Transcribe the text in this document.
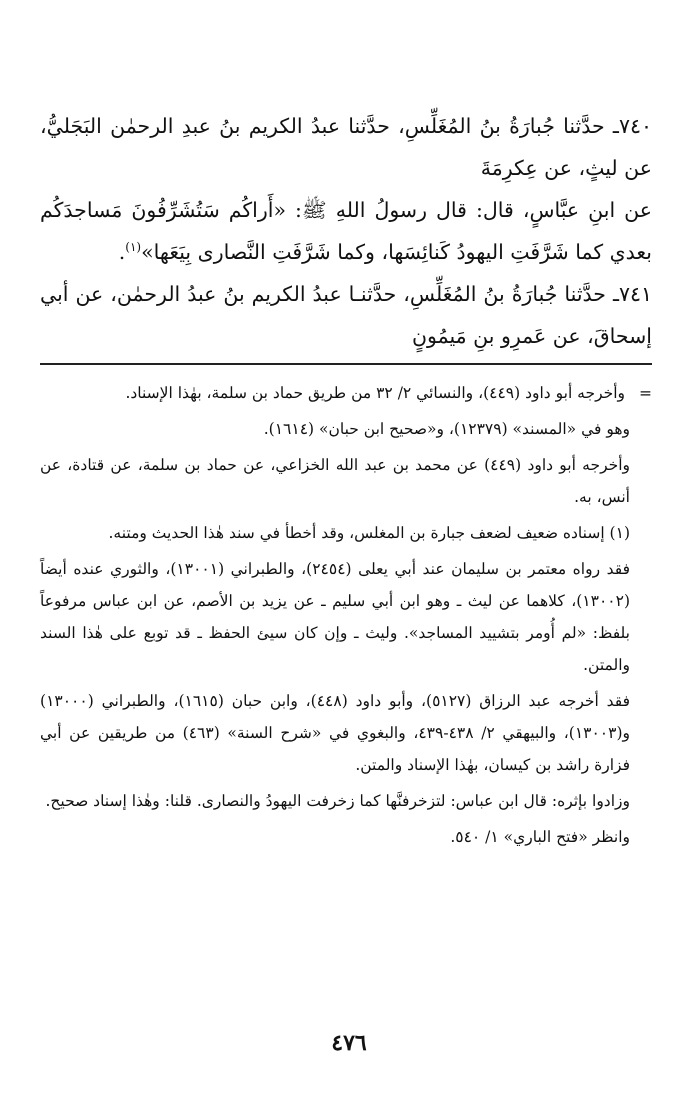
٧٤٠ـ حدَّثنا جُبارَةُ بنُ المُغَلِّسِ، حدَّثنا عبدُ الكريم بنُ عبدِ الرحمٰن البَجَليُّ، عن ليثٍ، عن عِكرِمَةَ

عن ابنِ عبَّاسٍ، قال: قال رسولُ اللهِ ﷺ: «أَراكُم سَتُشَرِّفُونَ مَساجدَكُم بعدي كما شَرَّفَتِ اليهودُ كَنائِسَها، وكما شَرَّفَتِ النَّصارى بِيَعَها»$^{(١)}$.

٧٤١ـ حدَّثنا جُبارَةُ بنُ المُغَلِّسِ، حدَّثنـا عبدُ الكريم بنُ عبدُ الرحمٰن، عن أبي إسحاقَ، عن عَمرِو بنِ مَيمُونٍ

=وأخرجه أبو داود (٤٤٩)، والنسائي ٢/ ٣٢ من طريق حماد بن سلمة، بهٰذا الإسناد.

وهو في «المسند» (١٢٣٧٩)، و«صحيح ابن حبان» (١٦١٤).

وأخرجه أبو داود (٤٤٩) عن محمد بن عبد الله الخزاعي، عن حماد بن سلمة، عن قتادة، عن أنس، به.

(١) إسناده ضعيف لضعف جبارة بن المغلس، وقد أخطأ في سند هٰذا الحديث ومتنه.

فقد رواه معتمر بن سليمان عند أبي يعلى (٢٤٥٤)، والطبراني (١٣٠٠١)، والثوري عنده أيضاً (١٣٠٠٢)، كلاهما عن ليث ـ وهو ابن أبي سليم ـ عن يزيد بن الأصم، عن ابن عباس مرفوعاً بلفظ: «لم أُومر بتشييد المساجد». وليث ـ وإن كان سيئ الحفظ ـ قد توبع على هٰذا السند والمتن.

فقد أخرجه عبد الرزاق (٥١٢٧)، وأبو داود (٤٤٨)، وابن حبان (١٦١٥)، والطبراني (١٣٠٠٠) و(١٣٠٠٣)، والبيهقي ٢/ ٤٣٨-٤٣٩، والبغوي في «شرح السنة» (٤٦٣) من طريقين عن أبي فزارة راشد بن كيسان، بهٰذا الإسناد والمتن.

وزادوا بإثره: قال ابن عباس: لتزخرفنَّها كما زخرفت اليهودُ والنصارى. قلنا: وهٰذا إسناد صحيح.

وانظر «فتح الباري» ١/ ٥٤٠.

٤٧٦
